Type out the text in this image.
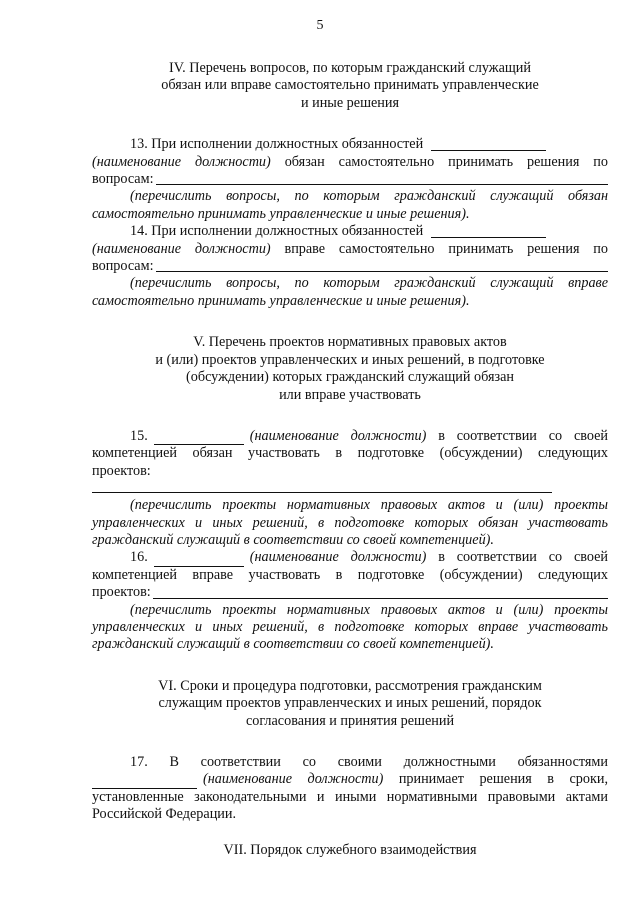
5
IV. Перечень вопросов, по которым гражданский служащий
обязан или вправе самостоятельно принимать управленческие
и иные решения
13. При исполнении должностных обязанностей
(наименование должности) обязан самостоятельно принимать решения по
вопросам:
(перечислить вопросы, по которым гражданский служащий обязан
самостоятельно принимать управленческие и иные решения).
14. При исполнении должностных обязанностей
(наименование должности) вправе самостоятельно принимать решения по
вопросам:
(перечислить вопросы, по которым гражданский служащий вправе
самостоятельно принимать управленческие и иные решения).
V. Перечень проектов нормативных правовых актов
и (или) проектов управленческих и иных решений, в подготовке
(обсуждении) которых гражданский служащий обязан
или вправе участвовать
15.	(наименование должности) в соответствии со своей
компетенцией обязан участвовать в подготовке (обсуждении) следующих
проектов:
(перечислить проекты нормативных правовых актов и (или) проекты
управленческих и иных решений, в подготовке которых обязан участвовать
гражданский служащий в соответствии со своей компетенцией).
16.	(наименование должности) в соответствии со своей
компетенцией вправе участвовать в подготовке (обсуждении) следующих
проектов:
(перечислить проекты нормативных правовых актов и (или) проекты
управленческих и иных решений, в подготовке которых вправе участвовать
гражданский служащий в соответствии со своей компетенцией).
VI. Сроки и процедура подготовки, рассмотрения гражданским
служащим проектов управленческих и иных решений, порядок
согласования и принятия решений
17. В соответствии со своими должностными обязанностями
(наименование должности) принимает решения в сроки,
установленные законодательными и иными нормативными правовыми актами
Российской Федерации.
VII. Порядок служебного взаимодействия
